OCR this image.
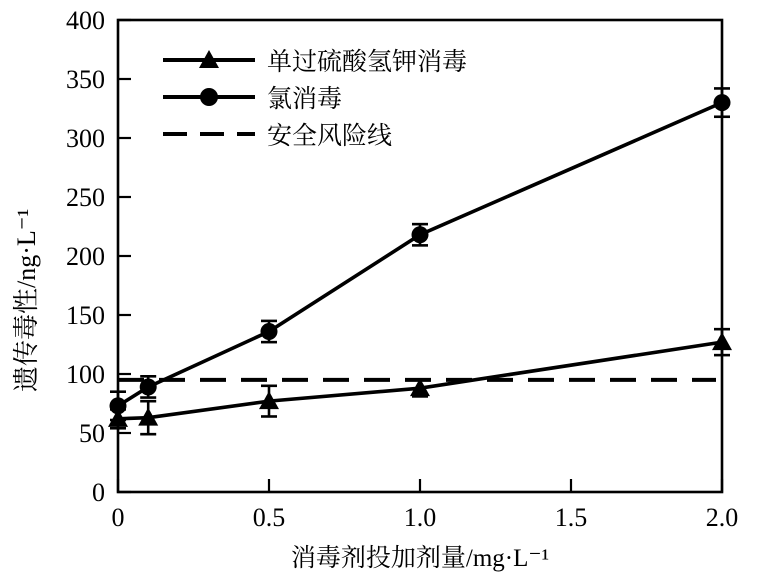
0
50
100
150
200
250
300
350
400
0	0.5	1.0	1.5	2.0
遗传毒性/ng·L⁻¹
消毒剂投加剂量/mg·L⁻¹
单过硫酸氢钾消毒
氯消毒
安全风险线
